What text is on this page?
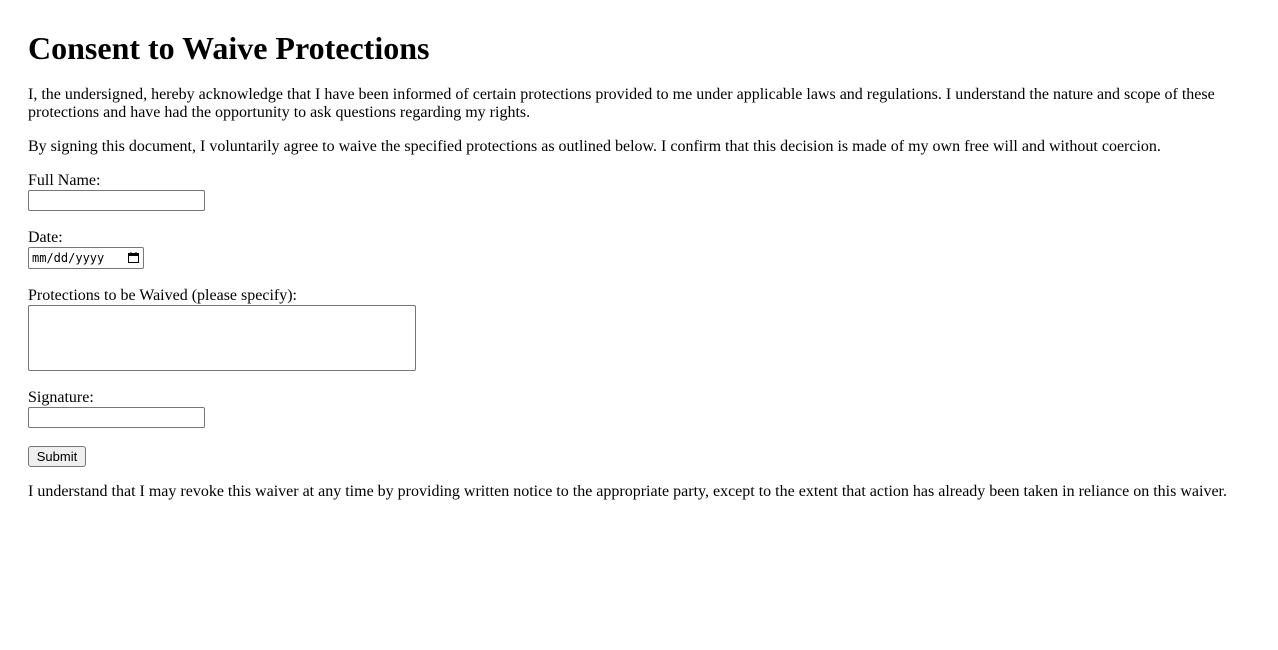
Consent to Waive Protections

I, the undersigned, hereby acknowledge that I have been informed of certain protections provided to me under applicable laws and regulations. I understand the nature and scope of these protections and have had the opportunity to ask questions regarding my rights.

By signing this document, I voluntarily agree to waive the specified protections as outlined below. I confirm that this decision is made of my own free will and without coercion.

Full Name:
Date:
mm/dd/yyyy
Protections to be Waived (please specify):
Signature:
Submit

I understand that I may revoke this waiver at any time by providing written notice to the appropriate party, except to the extent that action has already been taken in reliance on this waiver.
